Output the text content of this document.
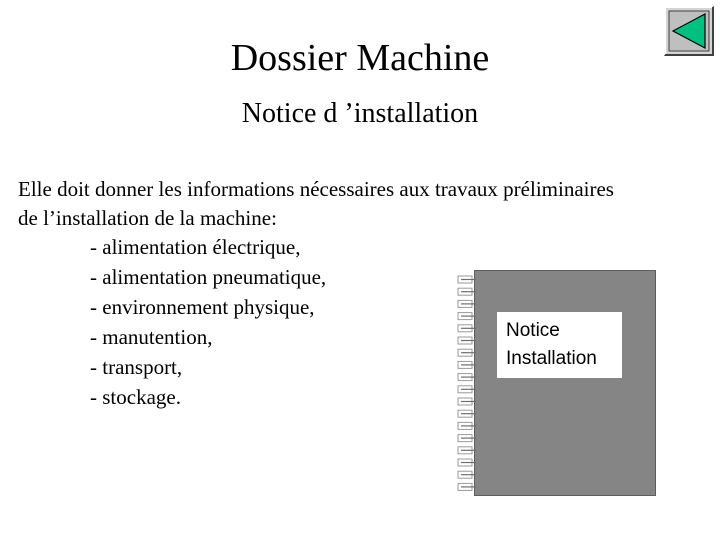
Dossier Machine
Notice d ’installation
Elle doit donner les informations nécessaires aux travaux préliminaires
de l’installation de la machine:
- alimentation électrique,
- alimentation pneumatique,
- environnement physique,
- manutention,
- transport,
- stockage.
Notice
Installation
